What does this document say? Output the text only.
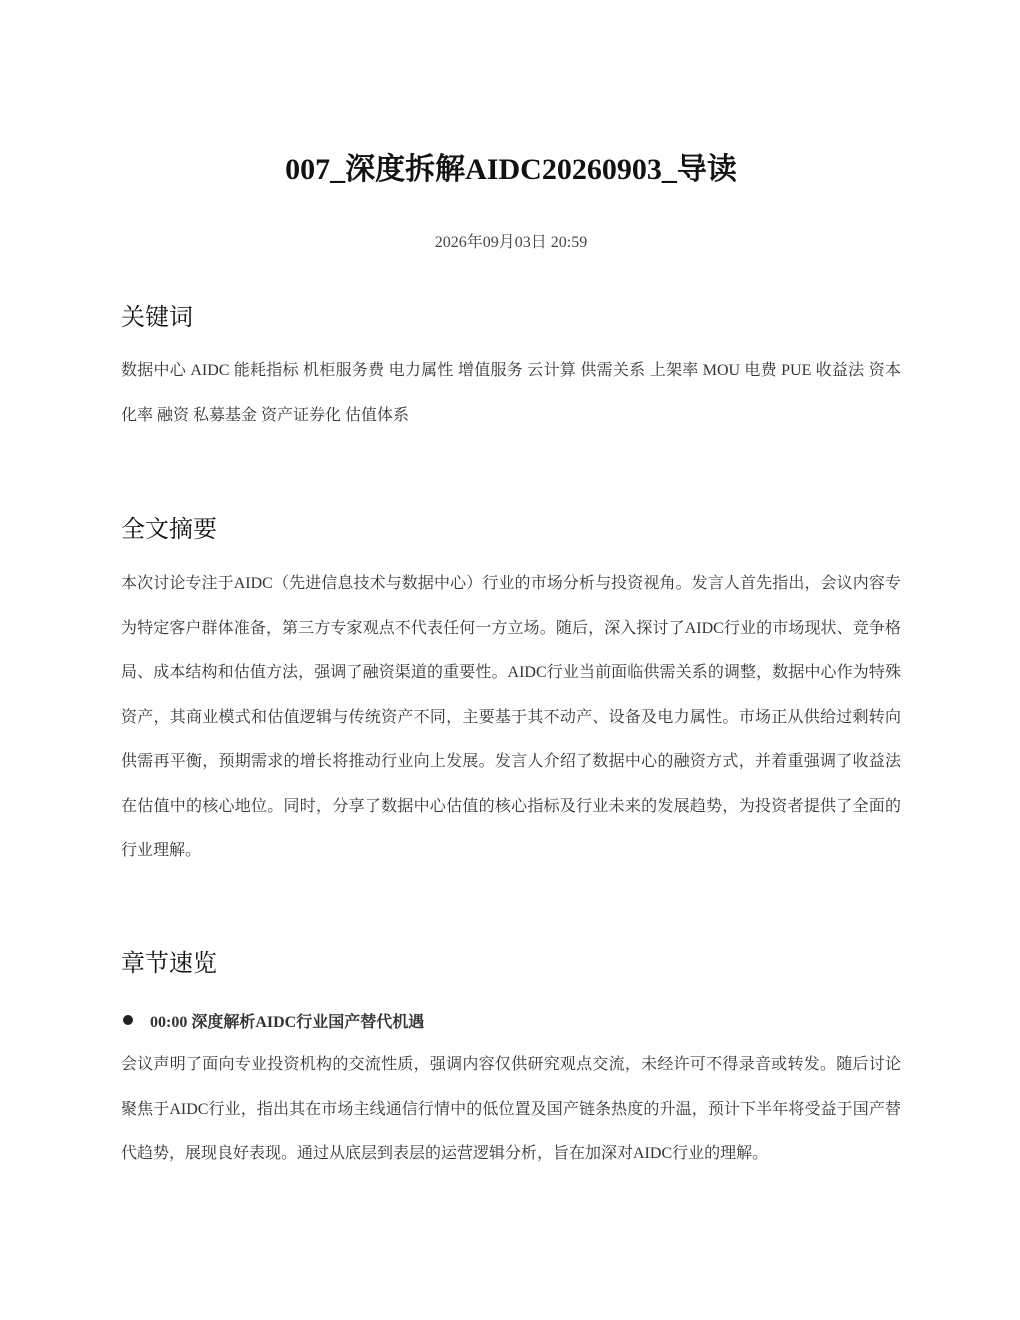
007_深度拆解AIDC20260903_导读
2026年09月03日 20:59
关键词

数据中心 AIDC 能耗指标 机柜服务费 电力属性 增值服务 云计算 供需关系 上架率 MOU 电费 PUE 收益法 资本化率 融资 私募基金 资产证券化 估值体系

全文摘要

本次讨论专注于AIDC（先进信息技术与数据中心）行业的市场分析与投资视角。发言人首先指出，会议内容专为特定客户群体准备，第三方专家观点不代表任何一方立场。随后，深入探讨了AIDC行业的市场现状、竞争格局、成本结构和估值方法，强调了融资渠道的重要性。AIDC行业当前面临供需关系的调整，数据中心作为特殊资产，其商业模式和估值逻辑与传统资产不同，主要基于其不动产、设备及电力属性。市场正从供给过剩转向供需再平衡，预期需求的增长将推动行业向上发展。发言人介绍了数据中心的融资方式，并着重强调了收益法在估值中的核心地位。同时，分享了数据中心估值的核心指标及行业未来的发展趋势，为投资者提供了全面的行业理解。

章节速览
00:00 深度解析AIDC行业国产替代机遇

会议声明了面向专业投资机构的交流性质，强调内容仅供研究观点交流，未经许可不得录音或转发。随后讨论聚焦于AIDC行业，指出其在市场主线通信行情中的低位置及国产链条热度的升温，预计下半年将受益于国产替代趋势，展现良好表现。通过从底层到表层的运营逻辑分析，旨在加深对AIDC行业的理解。
